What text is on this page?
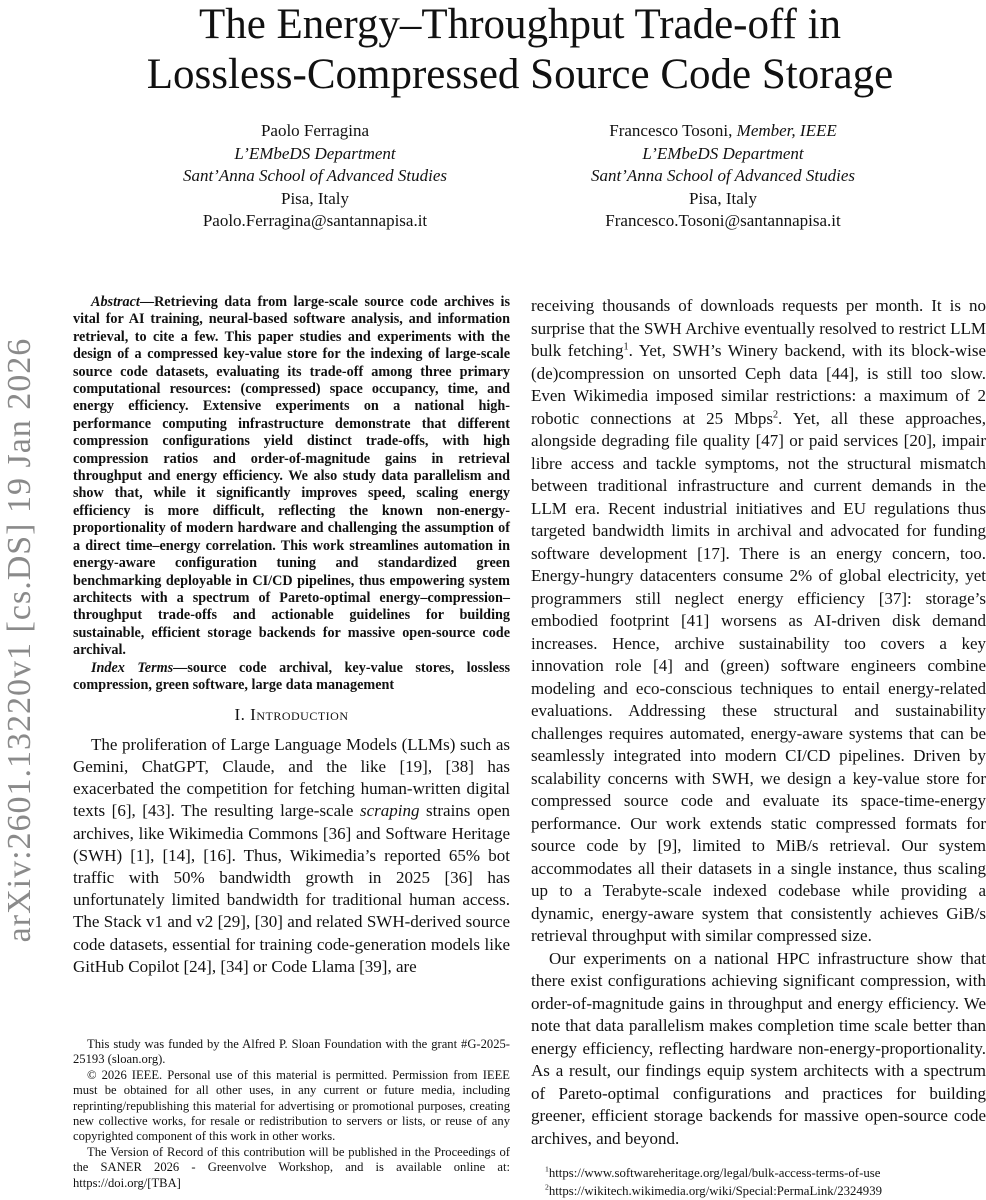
arXiv:2601.13220v1 [cs.DS] 19 Jan 2026
The Energy–Throughput Trade-off in
Lossless-Compressed Source Code Storage
Paolo Ferragina
L’EMbeDS Department
Sant’Anna School of Advanced Studies
Pisa, Italy
Paolo.Ferragina@santannapisa.it
Francesco Tosoni, Member, IEEE
L’EMbeDS Department
Sant’Anna School of Advanced Studies
Pisa, Italy
Francesco.Tosoni@santannapisa.it

Abstract—Retrieving data from large-scale source code archives is vital for AI training, neural-based software analysis, and information retrieval, to cite a few. This paper studies and experiments with the design of a compressed key-value store for the indexing of large-scale source code datasets, evaluating its trade-off among three primary computational resources: (compressed) space occupancy, time, and energy efficiency. Extensive experiments on a national high-performance computing infrastructure demonstrate that different compression configurations yield distinct trade-offs, with high compression ratios and order-of-magnitude gains in retrieval throughput and energy efficiency. We also study data parallelism and show that, while it significantly improves speed, scaling energy efficiency is more difficult, reflecting the known non-energy-proportionality of modern hardware and challenging the assumption of a direct time–energy correlation. This work streamlines automation in energy-aware configuration tuning and standardized green benchmarking deployable in CI/CD pipelines, thus empowering system architects with a spectrum of Pareto-optimal energy–compression–throughput trade-offs and actionable guidelines for building sustainable, efficient storage backends for massive open-source code archival.

Index Terms—source code archival, key-value stores, lossless compression, green software, large data management

I. Introduction

The proliferation of Large Language Models (LLMs) such as Gemini, ChatGPT, Claude, and the like [19], [38] has exacerbated the competition for fetching human-written digital texts [6], [43]. The resulting large-scale scraping strains open archives, like Wikimedia Commons [36] and Software Heritage (SWH) [1], [14], [16]. Thus, Wikimedia’s reported 65% bot traffic with 50% bandwidth growth in 2025 [36] has unfortunately limited bandwidth for traditional human access. The Stack v1 and v2 [29], [30] and related SWH-derived source code datasets, essential for training code-generation models like GitHub Copilot [24], [34] or Code Llama [39], are

This study was funded by the Alfred P. Sloan Foundation with the grant #G-2025-25193 (sloan.org).

© 2026 IEEE. Personal use of this material is permitted. Permission from IEEE must be obtained for all other uses, in any current or future media, including reprinting/republishing this material for advertising or promotional purposes, creating new collective works, for resale or redistribution to servers or lists, or reuse of any copyrighted component of this work in other works.

The Version of Record of this contribution will be published in the Proceedings of the SANER 2026 - Greenvolve Workshop, and is available online at: https://doi.org/[TBA]

receiving thousands of downloads requests per month. It is no surprise that the SWH Archive eventually resolved to restrict LLM bulk fetching$^1$. Yet, SWH’s Winery backend, with its block-wise (de)compression on unsorted Ceph data [44], is still too slow. Even Wikimedia imposed similar restrictions: a maximum of 2 robotic connections at 25 Mbps$^2$. Yet, all these approaches, alongside degrading file quality [47] or paid services [20], impair libre access and tackle symptoms, not the structural mismatch between traditional infrastructure and current demands in the LLM era. Recent industrial initiatives and EU regulations thus targeted bandwidth limits in archival and advocated for funding software development [17]. There is an energy concern, too. Energy-hungry datacenters consume 2% of global electricity, yet programmers still neglect energy efficiency [37]: storage’s embodied footprint [41] worsens as AI-driven disk demand increases. Hence, archive sustainability too covers a key innovation role [4] and (green) software engineers combine modeling and eco-conscious techniques to entail energy-related evaluations. Addressing these structural and sustainability challenges requires automated, energy-aware systems that can be seamlessly integrated into modern CI/CD pipelines. Driven by scalability concerns with SWH, we design a key-value store for compressed source code and evaluate its space-time-energy performance. Our work extends static compressed formats for source code by [9], limited to MiB/s retrieval. Our system accommodates all their datasets in a single instance, thus scaling up to a Terabyte-scale indexed codebase while providing a dynamic, energy-aware system that consistently achieves GiB/s retrieval throughput with similar compressed size.

Our experiments on a national HPC infrastructure show that there exist configurations achieving significant compression, with order-of-magnitude gains in throughput and energy efficiency. We note that data parallelism makes completion time scale better than energy efficiency, reflecting hardware non-energy-proportionality. As a result, our findings equip system architects with a spectrum of Pareto-optimal configurations and practices for building greener, efficient storage backends for massive open-source code archives, and beyond.

$^1$https://www.softwareheritage.org/legal/bulk-access-terms-of-use
$^2$https://wikitech.wikimedia.org/wiki/Special:PermaLink/2324939
